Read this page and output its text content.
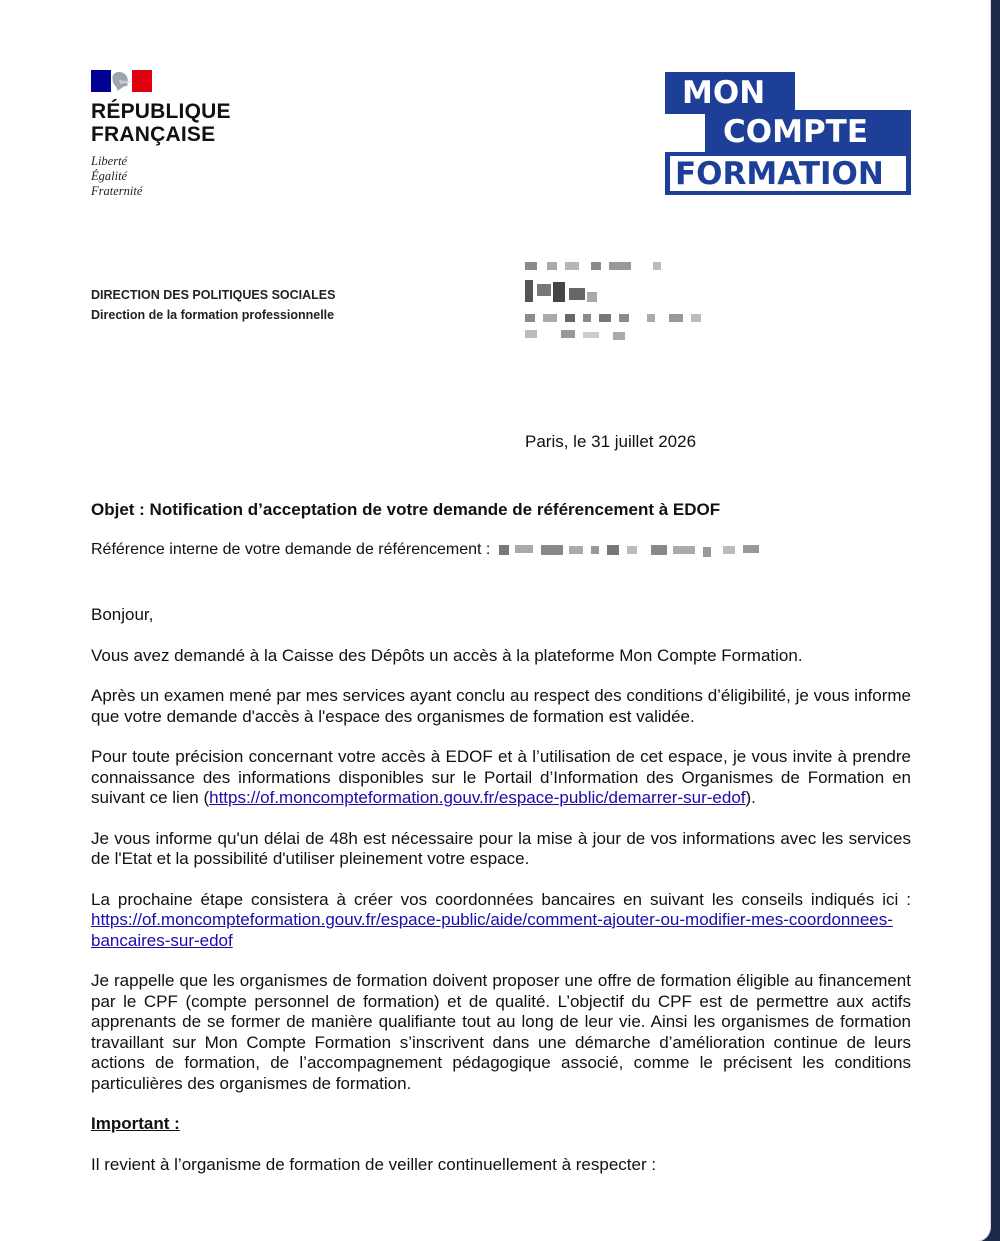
RÉPUBLIQUE
FRANÇAISE
Liberté
Égalité
Fraternité
COMPTE
MON
FORMATION
DIRECTION DES POLITIQUES SOCIALES
Direction de la formation professionnelle
Paris, le 31 juillet 2026
Objet : Notification d’acceptation de votre demande de référencement à EDOF
Référence interne de votre demande de référencement :

Bonjour,

Vous avez demandé à la Caisse des Dépôts un accès à la plateforme Mon Compte Formation.

Après un examen mené par mes services ayant conclu au respect des conditions d’éligibilité, je vous informe que votre demande d'accès à l'espace des organismes de formation est validée.

Pour toute précision concernant votre accès à EDOF et à l’utilisation de cet espace, je vous invite à prendre connaissance des informations disponibles sur le Portail d’Information des Organismes de Formation en suivant ce lien (https://of.moncompteformation.gouv.fr/espace-public/demarrer-sur-edof).

Je vous informe qu'un délai de 48h est nécessaire pour la mise à jour de vos informations avec les services de l'Etat et la possibilité d'utiliser pleinement votre espace.

La prochaine étape consistera à créer vos coordonnées bancaires en suivant les conseils indiqués ici : https://of.moncompteformation.gouv.fr/espace-public/aide/comment-ajouter-ou-modifier-mes-coordonnees-bancaires-sur-edof

Je rappelle que les organismes de formation doivent proposer une offre de formation éligible au financement par le CPF (compte personnel de formation) et de qualité. L’objectif du CPF est de permettre aux actifs apprenants de se former de manière qualifiante tout au long de leur vie. Ainsi les organismes de formation travaillant sur Mon Compte Formation s’inscrivent dans une démarche d’amélioration continue de leurs actions de formation, de l’accompagnement pédagogique associé, comme le précisent les conditions particulières des organismes de formation.

Important :

Il revient à l’organisme de formation de veiller continuellement à respecter :
